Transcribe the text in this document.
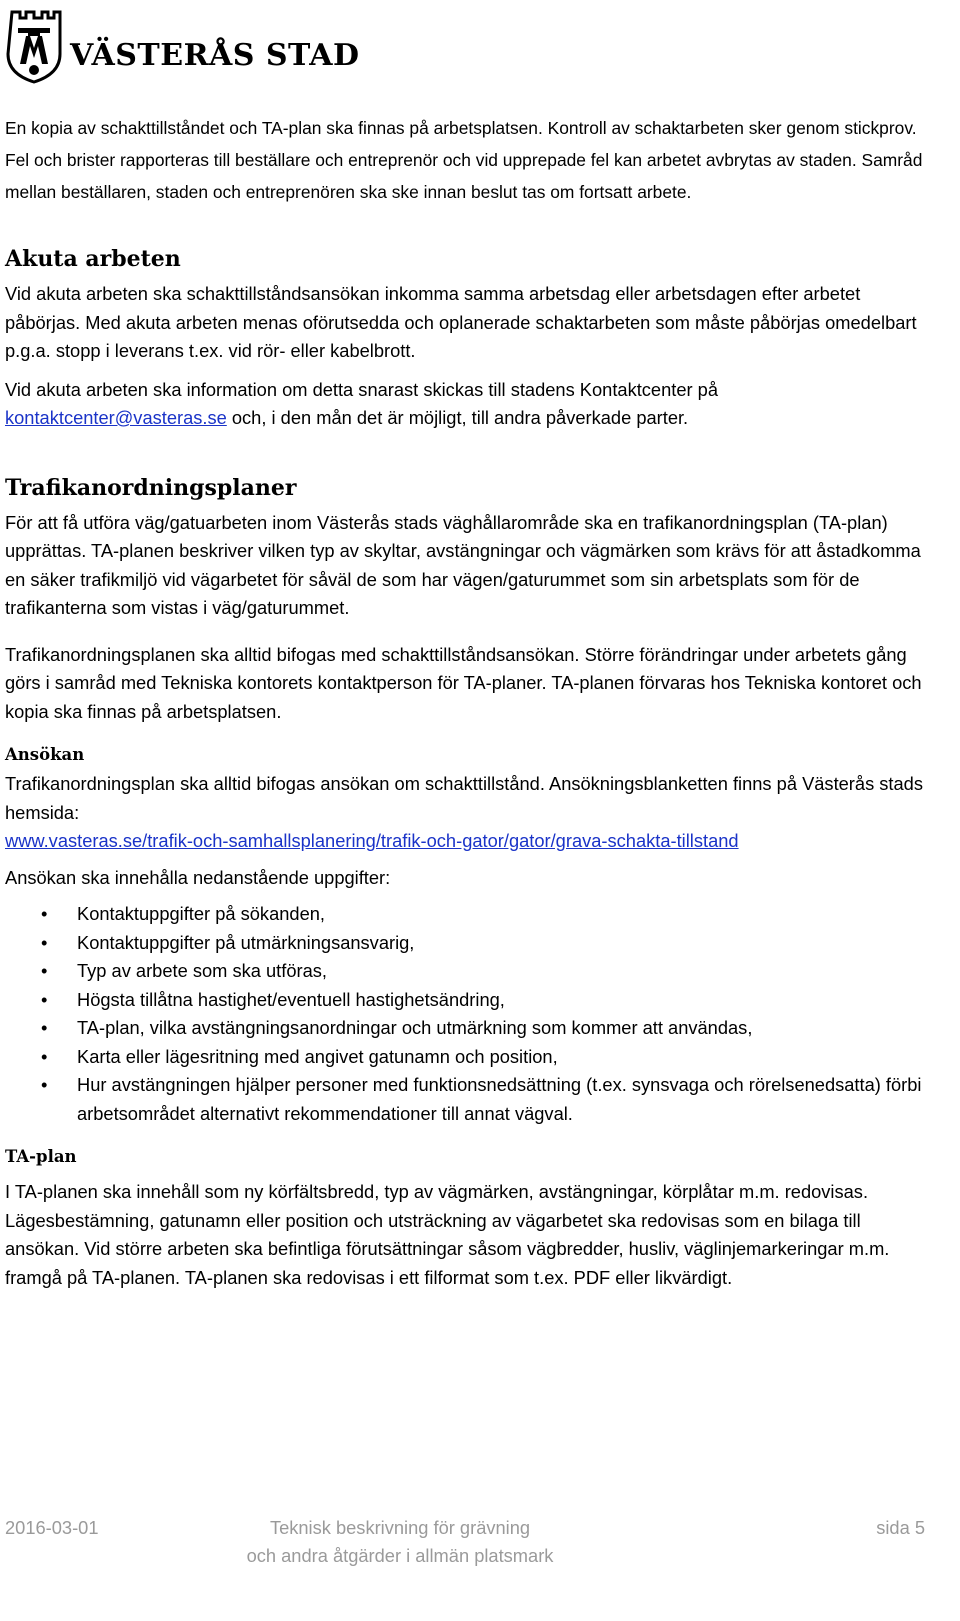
VÄSTERÅS STAD

En kopia av schakttillståndet och TA-plan ska finnas på arbetsplatsen. Kontroll av schaktarbeten sker genom stickprov. Fel och brister rapporteras till beställare och entreprenör och vid upprepade fel kan arbetet avbrytas av staden. Samråd mellan beställaren, staden och entreprenören ska ske innan beslut tas om fortsatt arbete.

Akuta arbeten

Vid akuta arbeten ska schakttillståndsansökan inkomma samma arbetsdag eller arbetsdagen efter arbetet påbörjas. Med akuta arbeten menas oförutsedda och oplanerade schaktarbeten som måste påbörjas omedelbart p.g.a. stopp i leverans t.ex. vid rör- eller kabelbrott.

Vid akuta arbeten ska information om detta snarast skickas till stadens Kontaktcenter på kontaktcenter@vasteras.se och, i den mån det är möjligt, till andra påverkade parter.

Trafikanordningsplaner

För att få utföra väg/gatuarbeten inom Västerås stads väghållarområde ska en trafikanordningsplan (TA-plan) upprättas. TA-planen beskriver vilken typ av skyltar, avstängningar och vägmärken som krävs för att åstadkomma en säker trafikmiljö vid vägarbetet för såväl de som har vägen/gaturummet som sin arbetsplats som för de trafikanterna som vistas i väg/gaturummet.

Trafikanordningsplanen ska alltid bifogas med schakttillståndsansökan. Större förändringar under arbetets gång görs i samråd med Tekniska kontorets kontaktperson för TA-planer. TA-planen förvaras hos Tekniska kontoret och kopia ska finnas på arbetsplatsen.

Ansökan

Trafikanordningsplan ska alltid bifogas ansökan om schakttillstånd. Ansökningsblanketten finns på Västerås stads hemsida:

www.vasteras.se/trafik-och-samhallsplanering/trafik-och-gator/gator/grava-schakta-tillstand

Ansökan ska innehålla nedanstående uppgifter:

• Kontaktuppgifter på sökanden,
• Kontaktuppgifter på utmärkningsansvarig,
• Typ av arbete som ska utföras,
• Högsta tillåtna hastighet/eventuell hastighetsändring,
• TA-plan, vilka avstängningsanordningar och utmärkning som kommer att användas,
• Karta eller lägesritning med angivet gatunamn och position,
• Hur avstängningen hjälper personer med funktionsnedsättning (t.ex. synsvaga och rörelsenedsatta) förbi arbetsområdet alternativt rekommendationer till annat vägval.
TA-plan

I TA-planen ska innehåll som ny körfältsbredd, typ av vägmärken, avstängningar, körplåtar m.m. redovisas. Lägesbestämning, gatunamn eller position och utsträckning av vägarbetet ska redovisas som en bilaga till ansökan. Vid större arbeten ska befintliga förutsättningar såsom vägbredder, husliv, väglinjemarkeringar m.m. framgå på TA-planen. TA-planen ska redovisas i ett filformat som t.ex. PDF eller likvärdigt.

2016-03-01	Teknisk beskrivning för grävning
och andra åtgärder i allmän platsmark
sida 5
